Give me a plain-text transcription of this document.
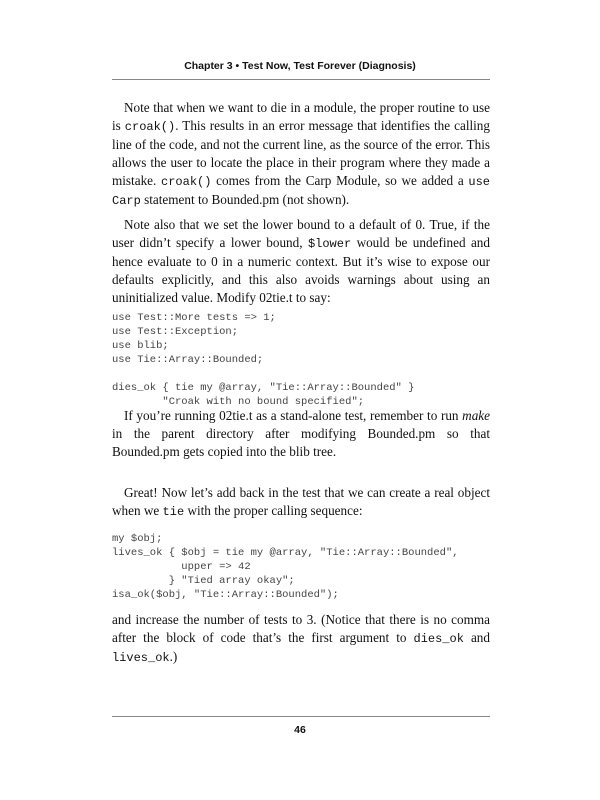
Chapter 3 • Test Now, Test Forever (Diagnosis)

Note that when we want to die in a module, the proper routine to use is croak(). This results in an error message that identifies the calling line of the code, and not the current line, as the source of the error. This allows the user to locate the place in their program where they made a mistake. croak() comes from the Carp Module, so we added a use Carp statement to Bounded.pm (not shown).

Note also that we set the lower bound to a default of 0. True, if the user didn’t specify a lower bound, $lower would be undefined and hence evaluate to 0 in a numeric context. But it’s wise to expose our defaults explicitly, and this also avoids warnings about using an uninitialized value. Modify 02tie.t to say:

use Test::More tests => 1;
use Test::Exception;
use blib;
use Tie::Array::Bounded;

dies_ok { tie my @array, "Tie::Array::Bounded" }
"Croak with no bound specified";

If you’re running 02tie.t as a stand-alone test, remember to run make in the parent directory after modifying Bounded.pm so that Bounded.pm gets copied into the blib tree.

Great! Now let’s add back in the test that we can create a real object when we tie with the proper calling sequence:

my $obj;
lives_ok { $obj = tie my @array, "Tie::Array::Bounded",
upper => 42
} "Tied array okay";
isa_ok($obj, "Tie::Array::Bounded");

and increase the number of tests to 3. (Notice that there is no comma after the block of code that’s the first argument to dies_ok and lives_ok.)

46
